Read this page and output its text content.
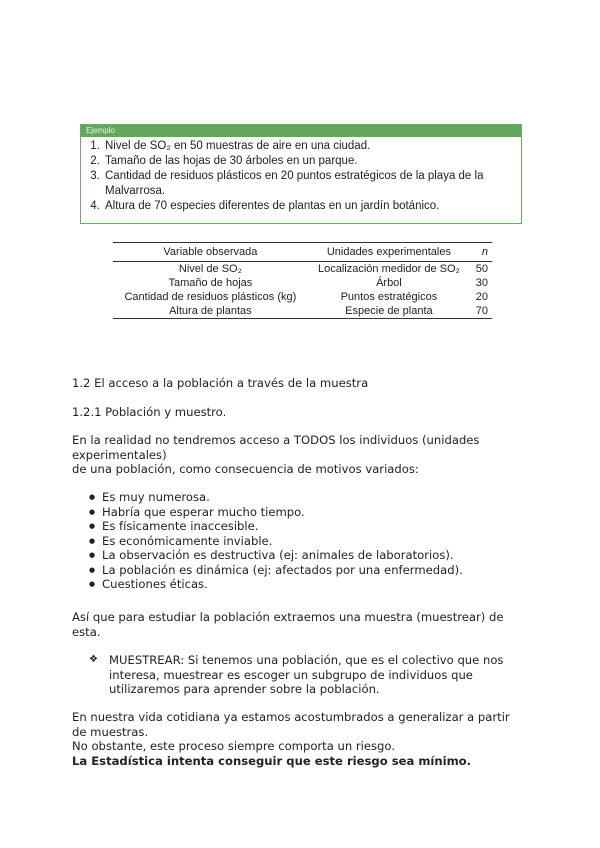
Ejemplo
1. Nivel de SO₂ en 50 muestras de aire en una ciudad.
2. Tamaño de las hojas de 30 árboles en un parque.
3. Cantidad de residuos plásticos en 20 puntos estratégicos de la playa de la Malvarrosa.
4. Altura de 70 especies diferentes de plantas en un jardín botánico.
Variable observada	Unidades experimentales	n
Nivel de SO₂	Localización medidor de SO₂	50
Tamaño de hojas	Árbol	30
Cantidad de residuos plásticos (kg)	Puntos estratégicos	20
Altura de plantas	Especie de planta	70
1.2 El acceso a la población a través de la muestra
1.2.1 Población y muestro.
En la realidad no tendremos acceso a TODOS los individuos (unidades experimentales)
de una población, como consecuencia de motivos variados:
● Es muy numerosa.
● Habría que esperar mucho tiempo.
● Es físicamente inaccesible.
● Es económicamente inviable.
● La observación es destructiva (ej: animales de laboratorios).
● La población es dinámica (ej: afectados por una enfermedad).
● Cuestiones éticas.
Así que para estudiar la población extraemos una muestra (muestrear) de esta.
❖ MUESTREAR: Si tenemos una población, que es el colectivo que nos interesa, muestrear es escoger un subgrupo de individuos que utilizaremos para aprender sobre la población.
En nuestra vida cotidiana ya estamos acostumbrados a generalizar a partir de muestras.
No obstante, este proceso siempre comporta un riesgo.
La Estadística intenta conseguir que este riesgo sea mínimo.
